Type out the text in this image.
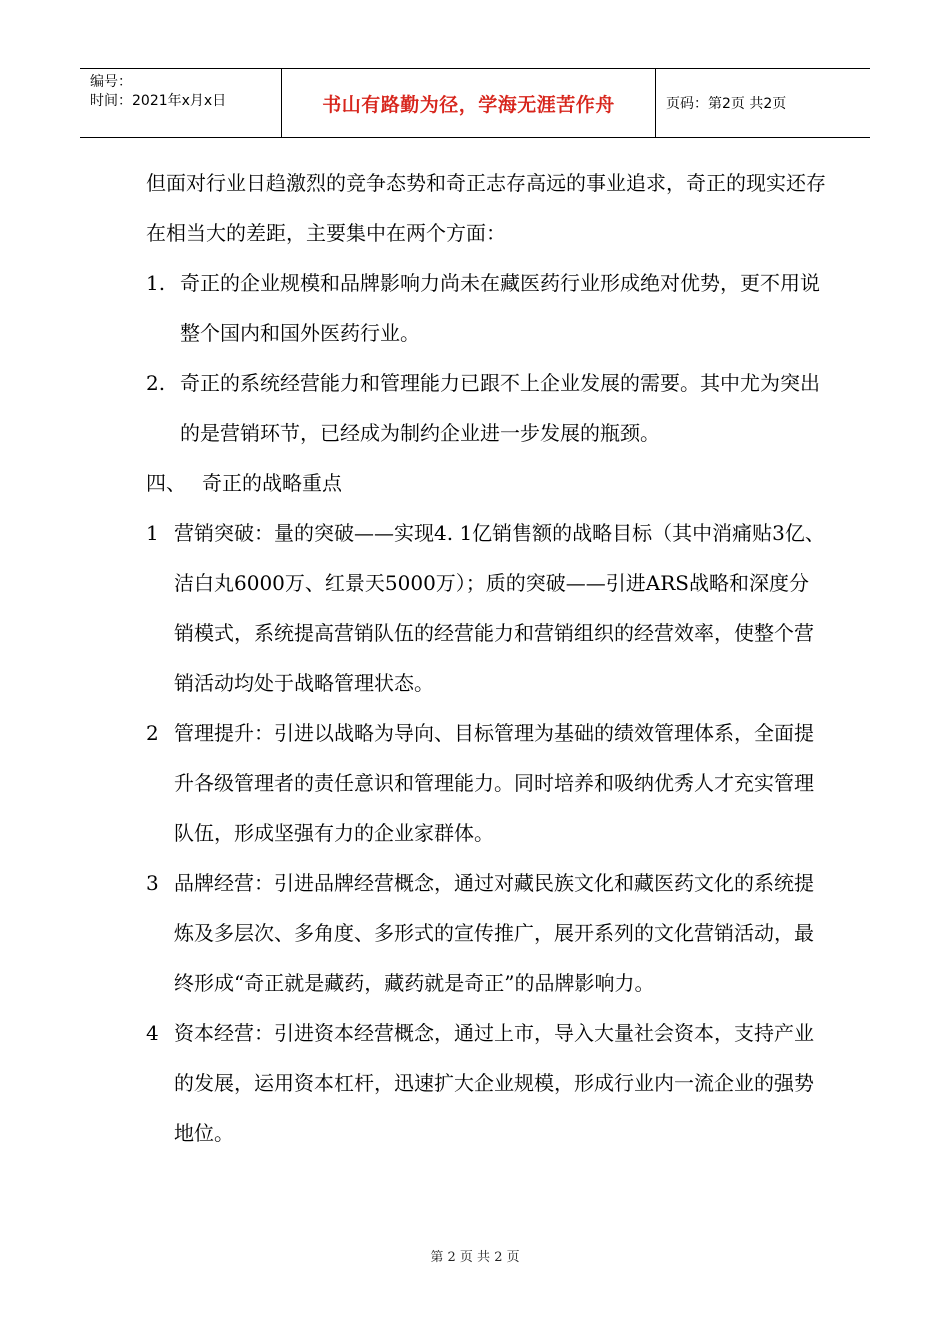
编号：
时间：2021年x月x日	书山有路勤为径，学海无涯苦作舟	页码：第2页 共2页

但面对行业日趋激烈的竞争态势和奇正志存高远的事业追求，奇正的现实还存在相当大的差距，主要集中在两个方面：

1. 奇正的企业规模和品牌影响力尚未在藏医药行业形成绝对优势，更不用说整个国内和国外医药行业。
2. 奇正的系统经营能力和管理能力已跟不上企业发展的需要。其中尤为突出的是营销环节，已经成为制约企业进一步发展的瓶颈。
四、 奇正的战略重点
1 营销突破：量的突破——实现4. 1亿销售额的战略目标（其中消痛贴3亿、洁白丸6000万、红景天5000万）；质的突破——引进ARS战略和深度分销模式，系统提高营销队伍的经营能力和营销组织的经营效率，使整个营销活动均处于战略管理状态。
2 管理提升：引进以战略为导向、目标管理为基础的绩效管理体系，全面提升各级管理者的责任意识和管理能力。同时培养和吸纳优秀人才充实管理队伍，形成坚强有力的企业家群体。
3 品牌经营：引进品牌经营概念，通过对藏民族文化和藏医药文化的系统提炼及多层次、多角度、多形式的宣传推广，展开系列的文化营销活动，最终形成“奇正就是藏药，藏药就是奇正”的品牌影响力。
4 资本经营：引进资本经营概念，通过上市，导入大量社会资本，支持产业的发展，运用资本杠杆，迅速扩大企业规模，形成行业内一流企业的强势地位。
第 2 页 共 2 页
